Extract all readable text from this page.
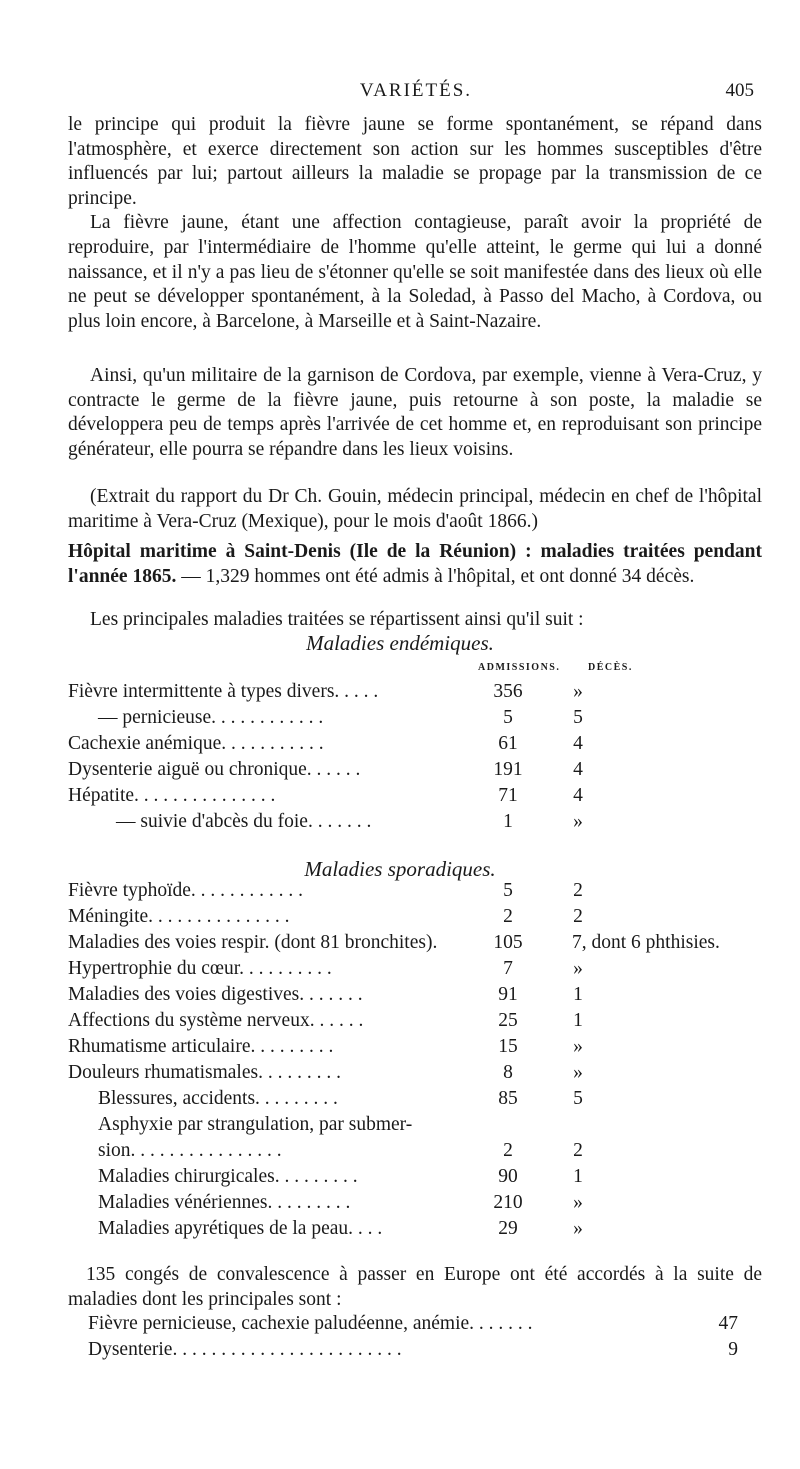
VARIÉTÉS.	405

le principe qui produit la fièvre jaune se forme spontanément, se répand dans l'atmosphère, et exerce directement son action sur les hommes susceptibles d'être influencés par lui; partout ailleurs la maladie se propage par la transmission de ce principe.

La fièvre jaune, étant une affection contagieuse, paraît avoir la propriété de reproduire, par l'intermédiaire de l'homme qu'elle atteint, le germe qui lui a donné naissance, et il n'y a pas lieu de s'étonner qu'elle se soit manifestée dans des lieux où elle ne peut se développer spontanément, à la Soledad, à Passo del Macho, à Cordova, ou plus loin encore, à Barcelone, à Marseille et à Saint-Nazaire.

Ainsi, qu'un militaire de la garnison de Cordova, par exemple, vienne à Vera-Cruz, y contracte le germe de la fièvre jaune, puis retourne à son poste, la maladie se développera peu de temps après l'arrivée de cet homme et, en reproduisant son principe générateur, elle pourra se répandre dans les lieux voisins.

(Extrait du rapport du Dr Ch. Gouin, médecin principal, médecin en chef de l'hôpital maritime à Vera-Cruz (Mexique), pour le mois d'août 1866.)

Hôpital maritime à Saint-Denis (Ile de la Réunion) : maladies traitées pendant l'année 1865. — 1,329 hommes ont été admis à l'hôpital, et ont donné 34 décès.

Les principales maladies traitées se répartissent ainsi qu'il suit :

Maladies endémiques.
ADMISSIONS.	DÉCÈS.
Fièvre intermittente à types divers. . . . .	356	»
— pernicieuse. . . . . . . . . . . .	5	5
Cachexie anémique. . . . . . . . . . .	61	4
Dysenterie aiguë ou chronique. . . . . .	191	4
Hépatite. . . . . . . . . . . . . . .	71	4
— suivie d'abcès du foie. . . . . . .	1	»
Maladies sporadiques.
Fièvre typhoïde. . . . . . . . . . . .	5	2
Méningite. . . . . . . . . . . . . . .	2	2
Maladies des voies respir. (dont 81 bronchites).	105	7, dont 6 phthisies.
Hypertrophie du cœur. . . . . . . . . .	7	»
Maladies des voies digestives. . . . . . .	91	1
Affections du système nerveux. . . . . .	25	1
Rhumatisme articulaire. . . . . . . . .	15	»
Douleurs rhumatismales. . . . . . . . .	8	»
Blessures, accidents. . . . . . . . .	85	5
Asphyxie par strangulation, par submer-
sion. . . . . . . . . . . . . . . .	2	2
Maladies chirurgicales. . . . . . . . .	90	1
Maladies vénériennes. . . . . . . . .	210	»
Maladies apyrétiques de la peau. . . .	29	»

135 congés de convalescence à passer en Europe ont été accordés à la suite de maladies dont les principales sont :

Fièvre pernicieuse, cachexie paludéenne, anémie. . . . . . .	47
Dysenterie. . . . . . . . . . . . . . . . . . . . . . . .	9
